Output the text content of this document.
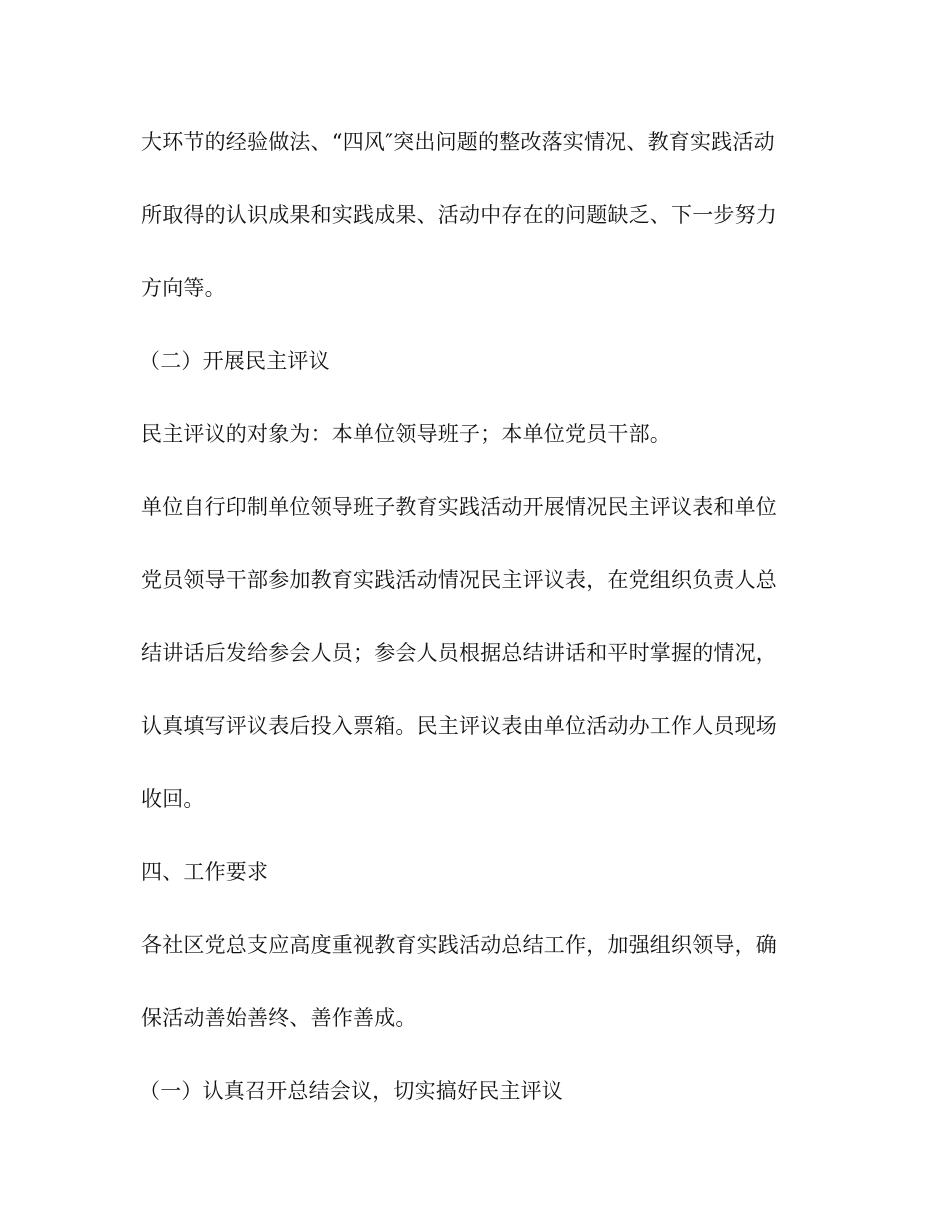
大环节的经验做法、“四风″突出问题的整改落实情况、教育实践活动

所取得的认识成果和实践成果、活动中存在的问题缺乏、下一步努力

方向等。

（二）开展民主评议

民主评议的对象为：本单位领导班子；本单位党员干部。

单位自行印制单位领导班子教育实践活动开展情况民主评议表和单位

党员领导干部参加教育实践活动情况民主评议表，在党组织负责人总

结讲话后发给参会人员；参会人员根据总结讲话和平时掌握的情况，

认真填写评议表后投入票箱。民主评议表由单位活动办工作人员现场

收回。

四、工作要求

各社区党总支应高度重视教育实践活动总结工作，加强组织领导，确

保活动善始善终、善作善成。

（一）认真召开总结会议，切实搞好民主评议
